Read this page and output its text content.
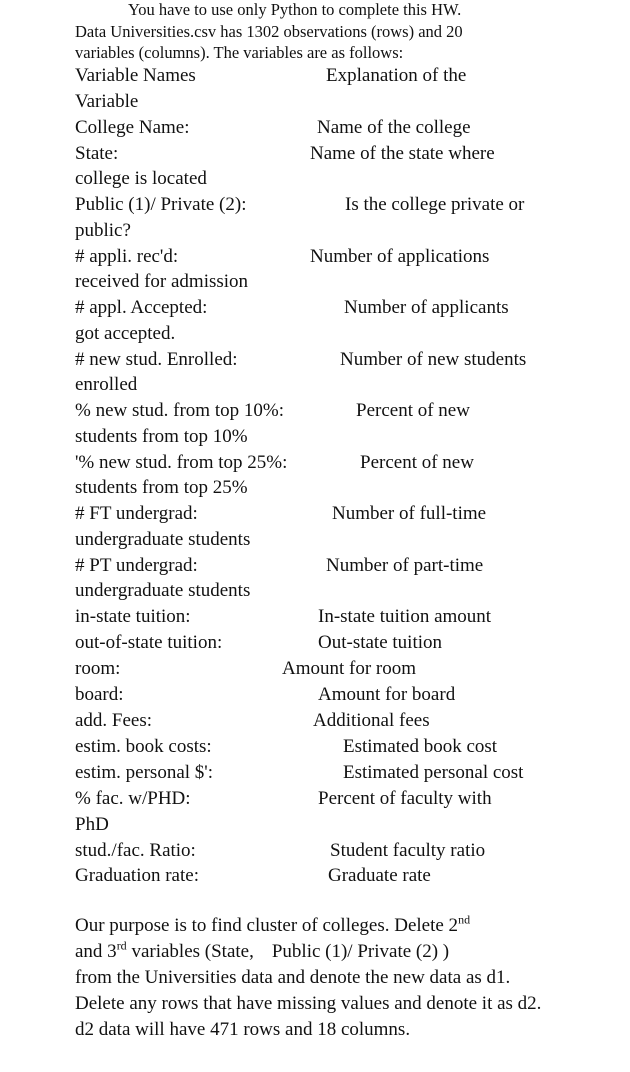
You have to use only Python to complete this HW.
Data Universities.csv has 1302 observations (rows) and 20
variables (columns). The variables are as follows:
Variable Names	Explanation of the
Variable
College Name:	Name of the college
State:	Name of the state where
college is located
Public (1)/ Private (2):	Is the college private or
public?
# appli. rec'd:	Number of applications
received for admission
# appl. Accepted:	Number of applicants
got accepted.
# new stud. Enrolled:	Number of new students
enrolled
% new stud. from top 10%:	Percent of new
students from top 10%
'% new stud. from top 25%:	Percent of new
students from top 25%
# FT undergrad:	Number of full-time
undergraduate students
# PT undergrad:	Number of part-time
undergraduate students
in-state tuition:	In-state tuition amount
out-of-state tuition:	Out-state tuition
room:	Amount for room
board:	Amount for board
add. Fees:	Additional fees
estim. book costs:	Estimated book cost
estim. personal $':	Estimated personal cost
% fac. w/PHD:	Percent of faculty with
PhD
stud./fac. Ratio:	Student faculty ratio
Graduation rate:	Graduate rate
Our purpose is to find cluster of colleges. Delete 2nd
and 3rd variables (State, Public (1)/ Private (2) )
from the Universities data and denote the new data as d1. Delete any rows that have missing values and denote it as d2. d2 data will have 471 rows and 18 columns.
